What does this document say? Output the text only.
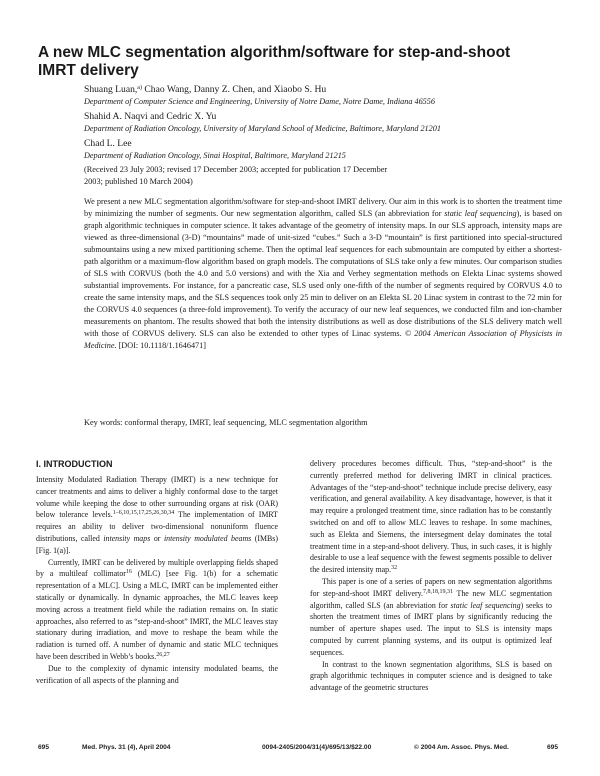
A new MLC segmentation algorithm/software for step-and-shoot
IMRT delivery
Shuang Luan,$^{a)}$ Chao Wang, Danny Z. Chen, and Xiaobo S. Hu
Department of Computer Science and Engineering, University of Notre Dame, Notre Dame, Indiana 46556
Shahid A. Naqvi and Cedric X. Yu
Department of Radiation Oncology, University of Maryland School of Medicine, Baltimore, Maryland 21201
Chad L. Lee
Department of Radiation Oncology, Sinai Hospital, Baltimore, Maryland 21215
(Received 23 July 2003; revised 17 December 2003; accepted for publication 17 December
2003; published 10 March 2004)
We present a new MLC segmentation algorithm/software for step-and-shoot IMRT delivery. Our aim in this work is to shorten the treatment time by minimizing the number of segments. Our new segmentation algorithm, called SLS (an abbreviation for static leaf sequencing), is based on graph algorithmic techniques in computer science. It takes advantage of the geometry of intensity maps. In our SLS approach, intensity maps are viewed as three-dimensional (3-D) “mountains” made of unit-sized “cubes.” Such a 3-D “mountain” is first partitioned into special-structured submountains using a new mixed partitioning scheme. Then the optimal leaf sequences for each submountain are computed by either a shortest-path algorithm or a maximum-flow algorithm based on graph models. The computations of SLS take only a few minutes. Our comparison studies of SLS with CORVUS (both the 4.0 and 5.0 versions) and with the Xia and Verhey segmentation methods on Elekta Linac systems showed substantial improvements. For instance, for a pancreatic case, SLS used only one-fifth of the number of segments required by CORVUS 4.0 to create the same intensity maps, and the SLS sequences took only 25 min to deliver on an Elekta SL 20 Linac system in contrast to the 72 min for the CORVUS 4.0 sequences (a three-fold improvement). To verify the accuracy of our new leaf sequences, we conducted film and ion-chamber measurements on phantom. The results showed that both the intensity distributions as well as dose distributions of the SLS delivery match well with those of CORVUS delivery. SLS can also be extended to other types of Linac systems. © 2004 American Association of Physicists in Medicine. [DOI: 10.1118/1.1646471]
Key words: conformal therapy, IMRT, leaf sequencing, MLC segmentation algorithm
I. INTRODUCTION

Intensity Modulated Radiation Therapy (IMRT) is a new technique for cancer treatments and aims to deliver a highly conformal dose to the target volume while keeping the dose to other surrounding organs at risk (OAR) below tolerance levels.$^{1-6,10,15,17,25,26,30,34}$ The implementation of IMRT requires an ability to deliver two-dimensional nonuniform fluence distributions, called intensity maps or intensity modulated beams (IMBs) [Fig. 1(a)].

Currently, IMRT can be delivered by multiple overlapping fields shaped by a multileaf collimator$^{16}$ (MLC) [see Fig. 1(b) for a schematic representation of a MLC]. Using a MLC, IMRT can be implemented either statically or dynamically. In dynamic approaches, the MLC leaves keep moving across a treatment field while the radiation remains on. In static approaches, also referred to as “step-and-shoot” IMRT, the MLC leaves stay stationary during irradiation, and move to reshape the beam while the radiation is turned off. A number of dynamic and static MLC techniques have been described in Webb’s books.$^{26,27}$

Due to the complexity of dynamic intensity modulated beams, the verification of all aspects of the planning and

delivery procedures becomes difficult. Thus, “step-and-shoot” is the currently preferred method for delivering IMRT in clinical practices. Advantages of the “step-and-shoot” technique include precise delivery, easy verification, and general availability. A key disadvantage, however, is that it may require a prolonged treatment time, since radiation has to be constantly switched on and off to allow MLC leaves to reshape. In some machines, such as Elekta and Siemens, the intersegment delay dominates the total treatment time in a step-and-shoot delivery. Thus, in such cases, it is highly desirable to use a leaf sequence with the fewest segments possible to deliver the desired intensity map.$^{32}$

This paper is one of a series of papers on new segmentation algorithms for step-and-shoot IMRT delivery.$^{7,8,18,19,31}$ The new MLC segmentation algorithm, called SLS (an abbreviation for static leaf sequencing) seeks to shorten the treatment times of IMRT plans by significantly reducing the number of aperture shapes used. The input to SLS is intensity maps computed by current planning systems, and its output is optimized leaf sequences.

In contrast to the known segmentation algorithms, SLS is based on graph algorithmic techniques in computer science and is designed to take advantage of the geometric structures

695	Med. Phys. 31 (4), April 2004	0094-2405/2004/31(4)/695/13/$22.00	© 2004 Am. Assoc. Phys. Med.	695
